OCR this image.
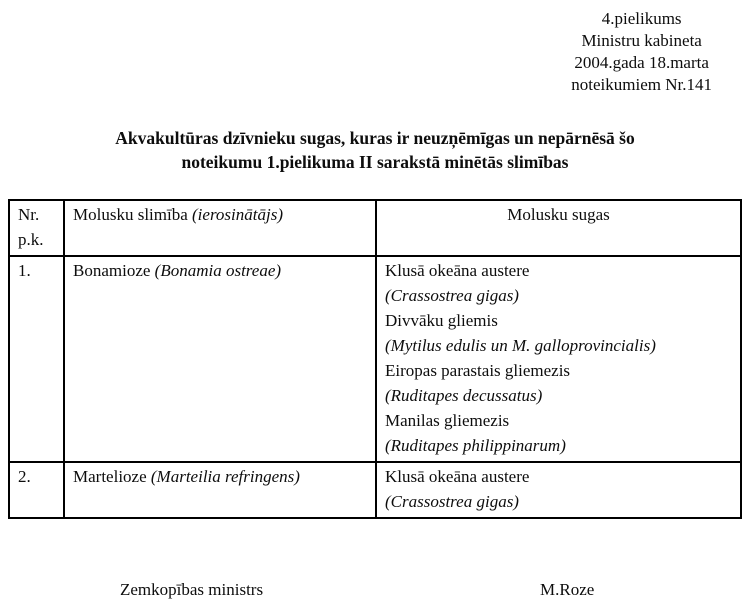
4.pielikums
Ministru kabineta
2004.gada 18.marta
noteikumiem Nr.141
Akvakultūras dzīvnieku sugas, kuras ir neuzņēmīgas un nepārnēsā šo
noteikumu 1.pielikuma II sarakstā minētās slimības
Nr.
p.k.	Molusku slimība (ierosinātājs)	Molusku sugas
1.	Bonamioze (Bonamia ostreae)	Klusā okeāna austere
(Crassostrea gigas)
Divvāku gliemis
(Mytilus edulis un M. galloprovincialis)
Eiropas parastais gliemezis
(Ruditapes decussatus)
Manilas gliemezis
(Ruditapes philippinarum)

2.	Martelioze (Marteilia refringens)	Klusā okeāna austere
(Crassostrea gigas)
Zemkopības ministrs	M.Roze
